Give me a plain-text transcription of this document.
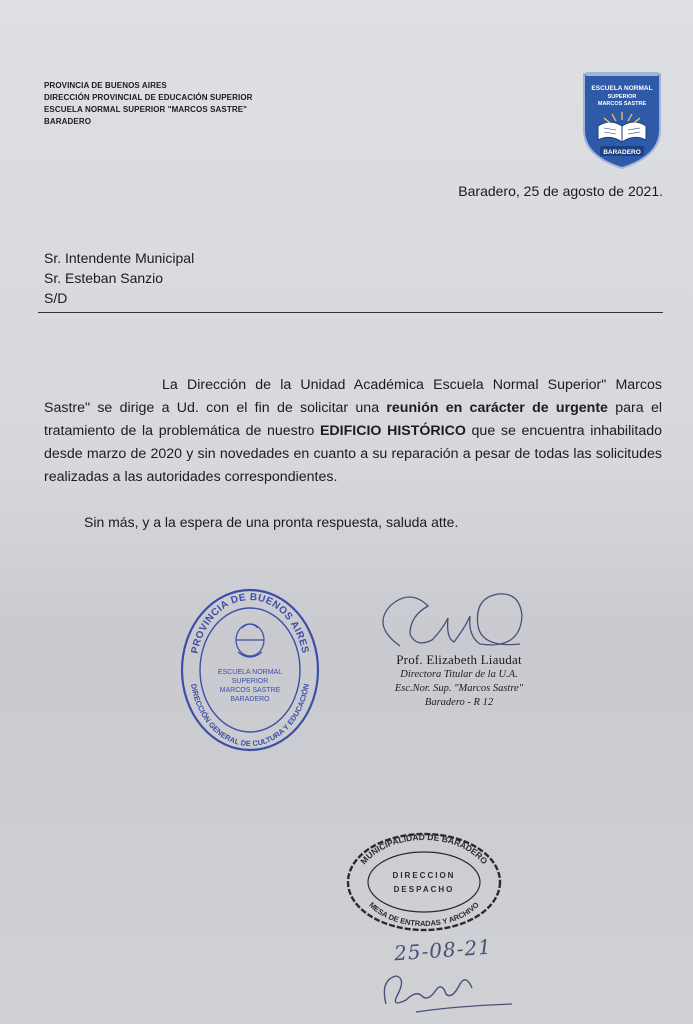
PROVINCIA DE BUENOS AIRES
DIRECCIÓN PROVINCIAL DE EDUCACIÓN SUPERIOR
ESCUELA NORMAL SUPERIOR "MARCOS SASTRE"
BARADERO
ESCUELA NORMAL
SUPERIOR
MARCOS SASTRE
BARADERO
Baradero, 25 de agosto de 2021.
Sr. Intendente Municipal
Sr. Esteban Sanzio
S/D
La Dirección de la Unidad Académica Escuela Normal Superior" Marcos Sastre" se dirige a Ud. con el fin de solicitar una reunión en carácter de urgente para el tratamiento de la problemática de nuestro EDIFICIO HISTÓRICO que se encuentra inhabilitado desde marzo de 2020 y sin novedades en cuanto a su reparación a pesar de todas las solicitudes realizadas a las autoridades correspondientes.
Sin más, y a la espera de una pronta respuesta, saluda atte.
PROVINCIA DE BUENOS AIRES
DIRECCIÓN GENERAL DE CULTURA Y EDUCACIÓN
ESCUELA NORMAL
SUPERIOR
MARCOS SASTRE
BARADERO
Prof. Elizabeth Liaudat
Directora Titular de la U.A.
Esc.Nor. Sup. "Marcos Sastre"
Baradero - R 12
MUNICIPALIDAD DE BARADERO
DIRECCION
DESPACHO
MESA DE ENTRADAS Y ARCHIVO
25-08-21
